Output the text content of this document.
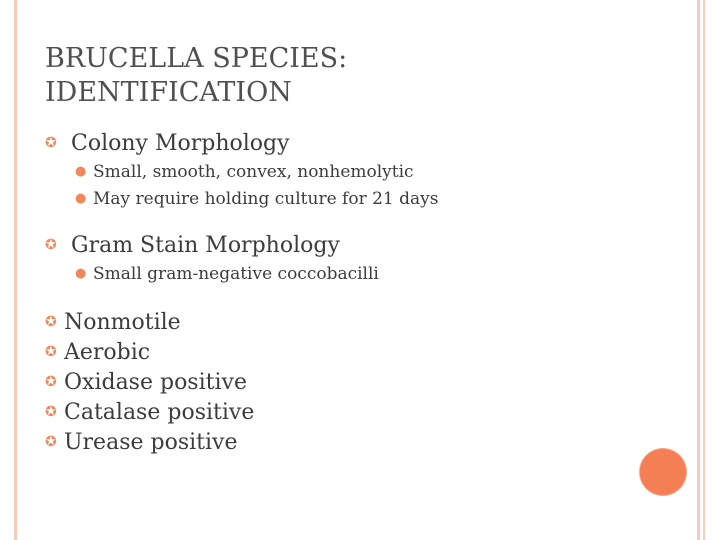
BRUCELLA SPECIES:
IDENTIFICATION
✪ Colony Morphology
● Small, smooth, convex, nonhemolytic
● May require holding culture for 21 days
✪ Gram Stain Morphology
● Small gram-negative coccobacilli
✪ Nonmotile
✪ Aerobic
✪ Oxidase positive
✪ Catalase positive
✪ Urease positive
